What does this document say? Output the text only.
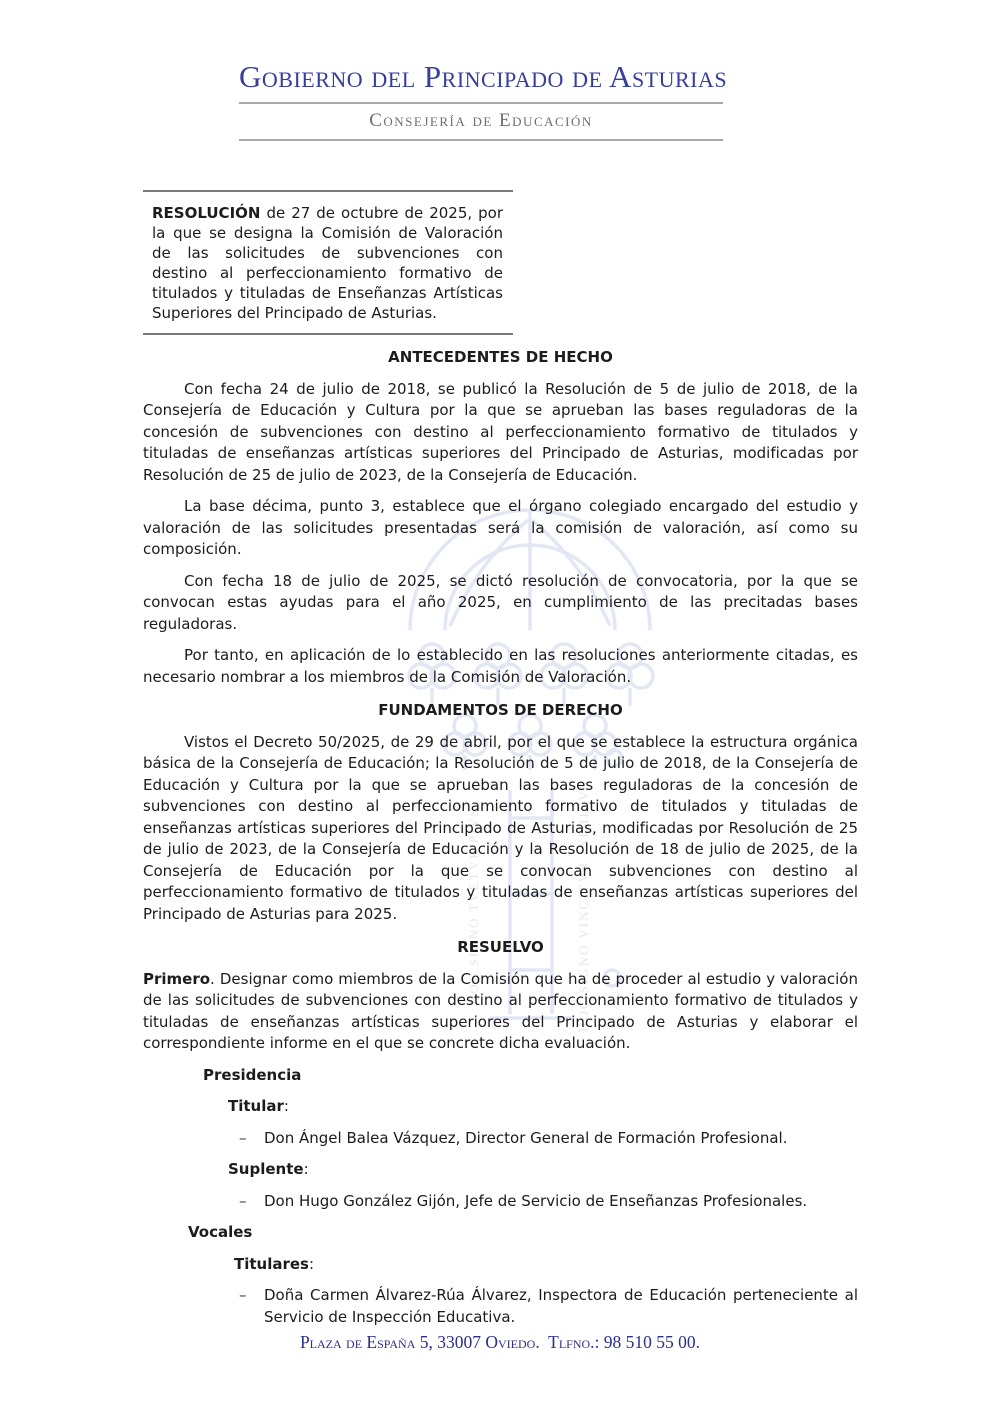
Gobierno del Principado de Asturias
Consejería de Educación
HOC SIGNO TVETVR PIVS	HOC SIGNO VINCITVR INIMICVS
RESOLUCIÓN de 27 de octubre de 2025, por la que se designa la Comisión de Valoración de las solicitudes de subvenciones con destino al perfeccionamiento formativo de titulados y tituladas de Enseñanzas Artísticas Superiores del Principado de Asturias.
ANTECEDENTES DE HECHO

Con fecha 24 de julio de 2018, se publicó la Resolución de 5 de julio de 2018, de la Consejería de Educación y Cultura por la que se aprueban las bases reguladoras de la concesión de subvenciones con destino al perfeccionamiento formativo de titulados y tituladas de enseñanzas artísticas superiores del Principado de Asturias, modificadas por Resolución de 25 de julio de 2023, de la Consejería de Educación.

La base décima, punto 3, establece que el órgano colegiado encargado del estudio y valoración de las solicitudes presentadas será la comisión de valoración, así como su composición.

Con fecha 18 de julio de 2025, se dictó resolución de convocatoria, por la que se convocan estas ayudas para el año 2025, en cumplimiento de las precitadas bases reguladoras.

Por tanto, en aplicación de lo establecido en las resoluciones anteriormente citadas, es necesario nombrar a los miembros de la Comisión de Valoración.

FUNDAMENTOS DE DERECHO

Vistos el Decreto 50/2025, de 29 de abril, por el que se establece la estructura orgánica básica de la Consejería de Educación; la Resolución de 5 de julio de 2018, de la Consejería de Educación y Cultura por la que se aprueban las bases reguladoras de la concesión de subvenciones con destino al perfeccionamiento formativo de titulados y tituladas de enseñanzas artísticas superiores del Principado de Asturias, modificadas por Resolución de 25 de julio de 2023, de la Consejería de Educación y la Resolución de 18 de julio de 2025, de la Consejería de Educación por la que se convocan subvenciones con destino al perfeccionamiento formativo de titulados y tituladas de enseñanzas artísticas superiores del Principado de Asturias para 2025.

RESUELVO

Primero. Designar como miembros de la Comisión que ha de proceder al estudio y valoración de las solicitudes de subvenciones con destino al perfeccionamiento formativo de titulados y tituladas de enseñanzas artísticas superiores del Principado de Asturias y elaborar el correspondiente informe en el que se concrete dicha evaluación.

Presidencia
Titular:
– Don Ángel Balea Vázquez, Director General de Formación Profesional.
Suplente:
– Don Hugo González Gijón, Jefe de Servicio de Enseñanzas Profesionales.
Vocales
Titulares:
– Doña Carmen Álvarez-Rúa Álvarez, Inspectora de Educación perteneciente al Servicio de Inspección Educativa.
Plaza de España 5, 33007 Oviedo.  Tlfno.: 98 510 55 00.
